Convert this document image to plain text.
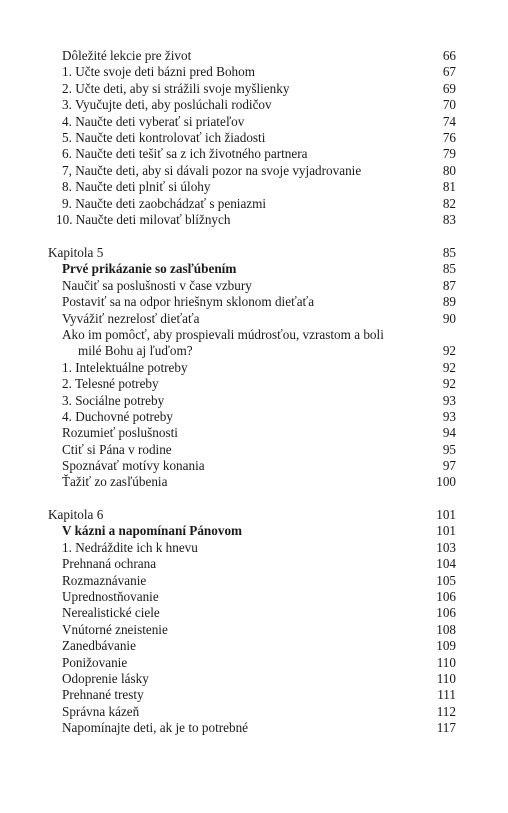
Dôležité lekcie pre život	66
1. Učte svoje deti bázni pred Bohom	67
2. Učte deti, aby si strážili svoje myšlienky	69
3. Vyučujte deti, aby poslúchali rodičov	70
4. Naučte deti vyberať si priateľov	74
5. Naučte deti kontrolovať ich žiadosti	76
6. Naučte deti tešiť sa z ich životného partnera	79
7, Naučte deti, aby si dávali pozor na svoje vyjadrovanie	80
8. Naučte deti plniť si úlohy	81
9. Naučte deti zaobchádzať s peniazmi	82
10. Naučte deti milovať blížnych	83
Kapitola 5	85
Prvé prikázanie so zasľúbením	85
Naučiť sa poslušnosti v čase vzbury	87
Postaviť sa na odpor hriešnym sklonom dieťaťa	89
Vyvážiť nezrelosť dieťaťa	90
Ako im pomôcť, aby prospievali múdrosťou, vzrastom a boli
milé Bohu aj ľuďom?	92
1. Intelektuálne potreby	92
2. Telesné potreby	92
3. Sociálne potreby	93
4. Duchovné potreby	93
Rozumieť poslušnosti	94
Ctiť si Pána v rodine	95
Spoznávať motívy konania	97
Ťažiť zo zasľúbenia	100
Kapitola 6	101
V kázni a napomínaní Pánovom	101
1. Nedráždite ich k hnevu	103
Prehnaná ochrana	104
Rozmaznávanie	105
Uprednostňovanie	106
Nerealistické ciele	106
Vnútorné zneistenie	108
Zanedbávanie	109
Ponižovanie	110
Odoprenie lásky	110
Prehnané tresty	111
Správna kázeň	112
Napomínajte deti, ak je to potrebné	117
